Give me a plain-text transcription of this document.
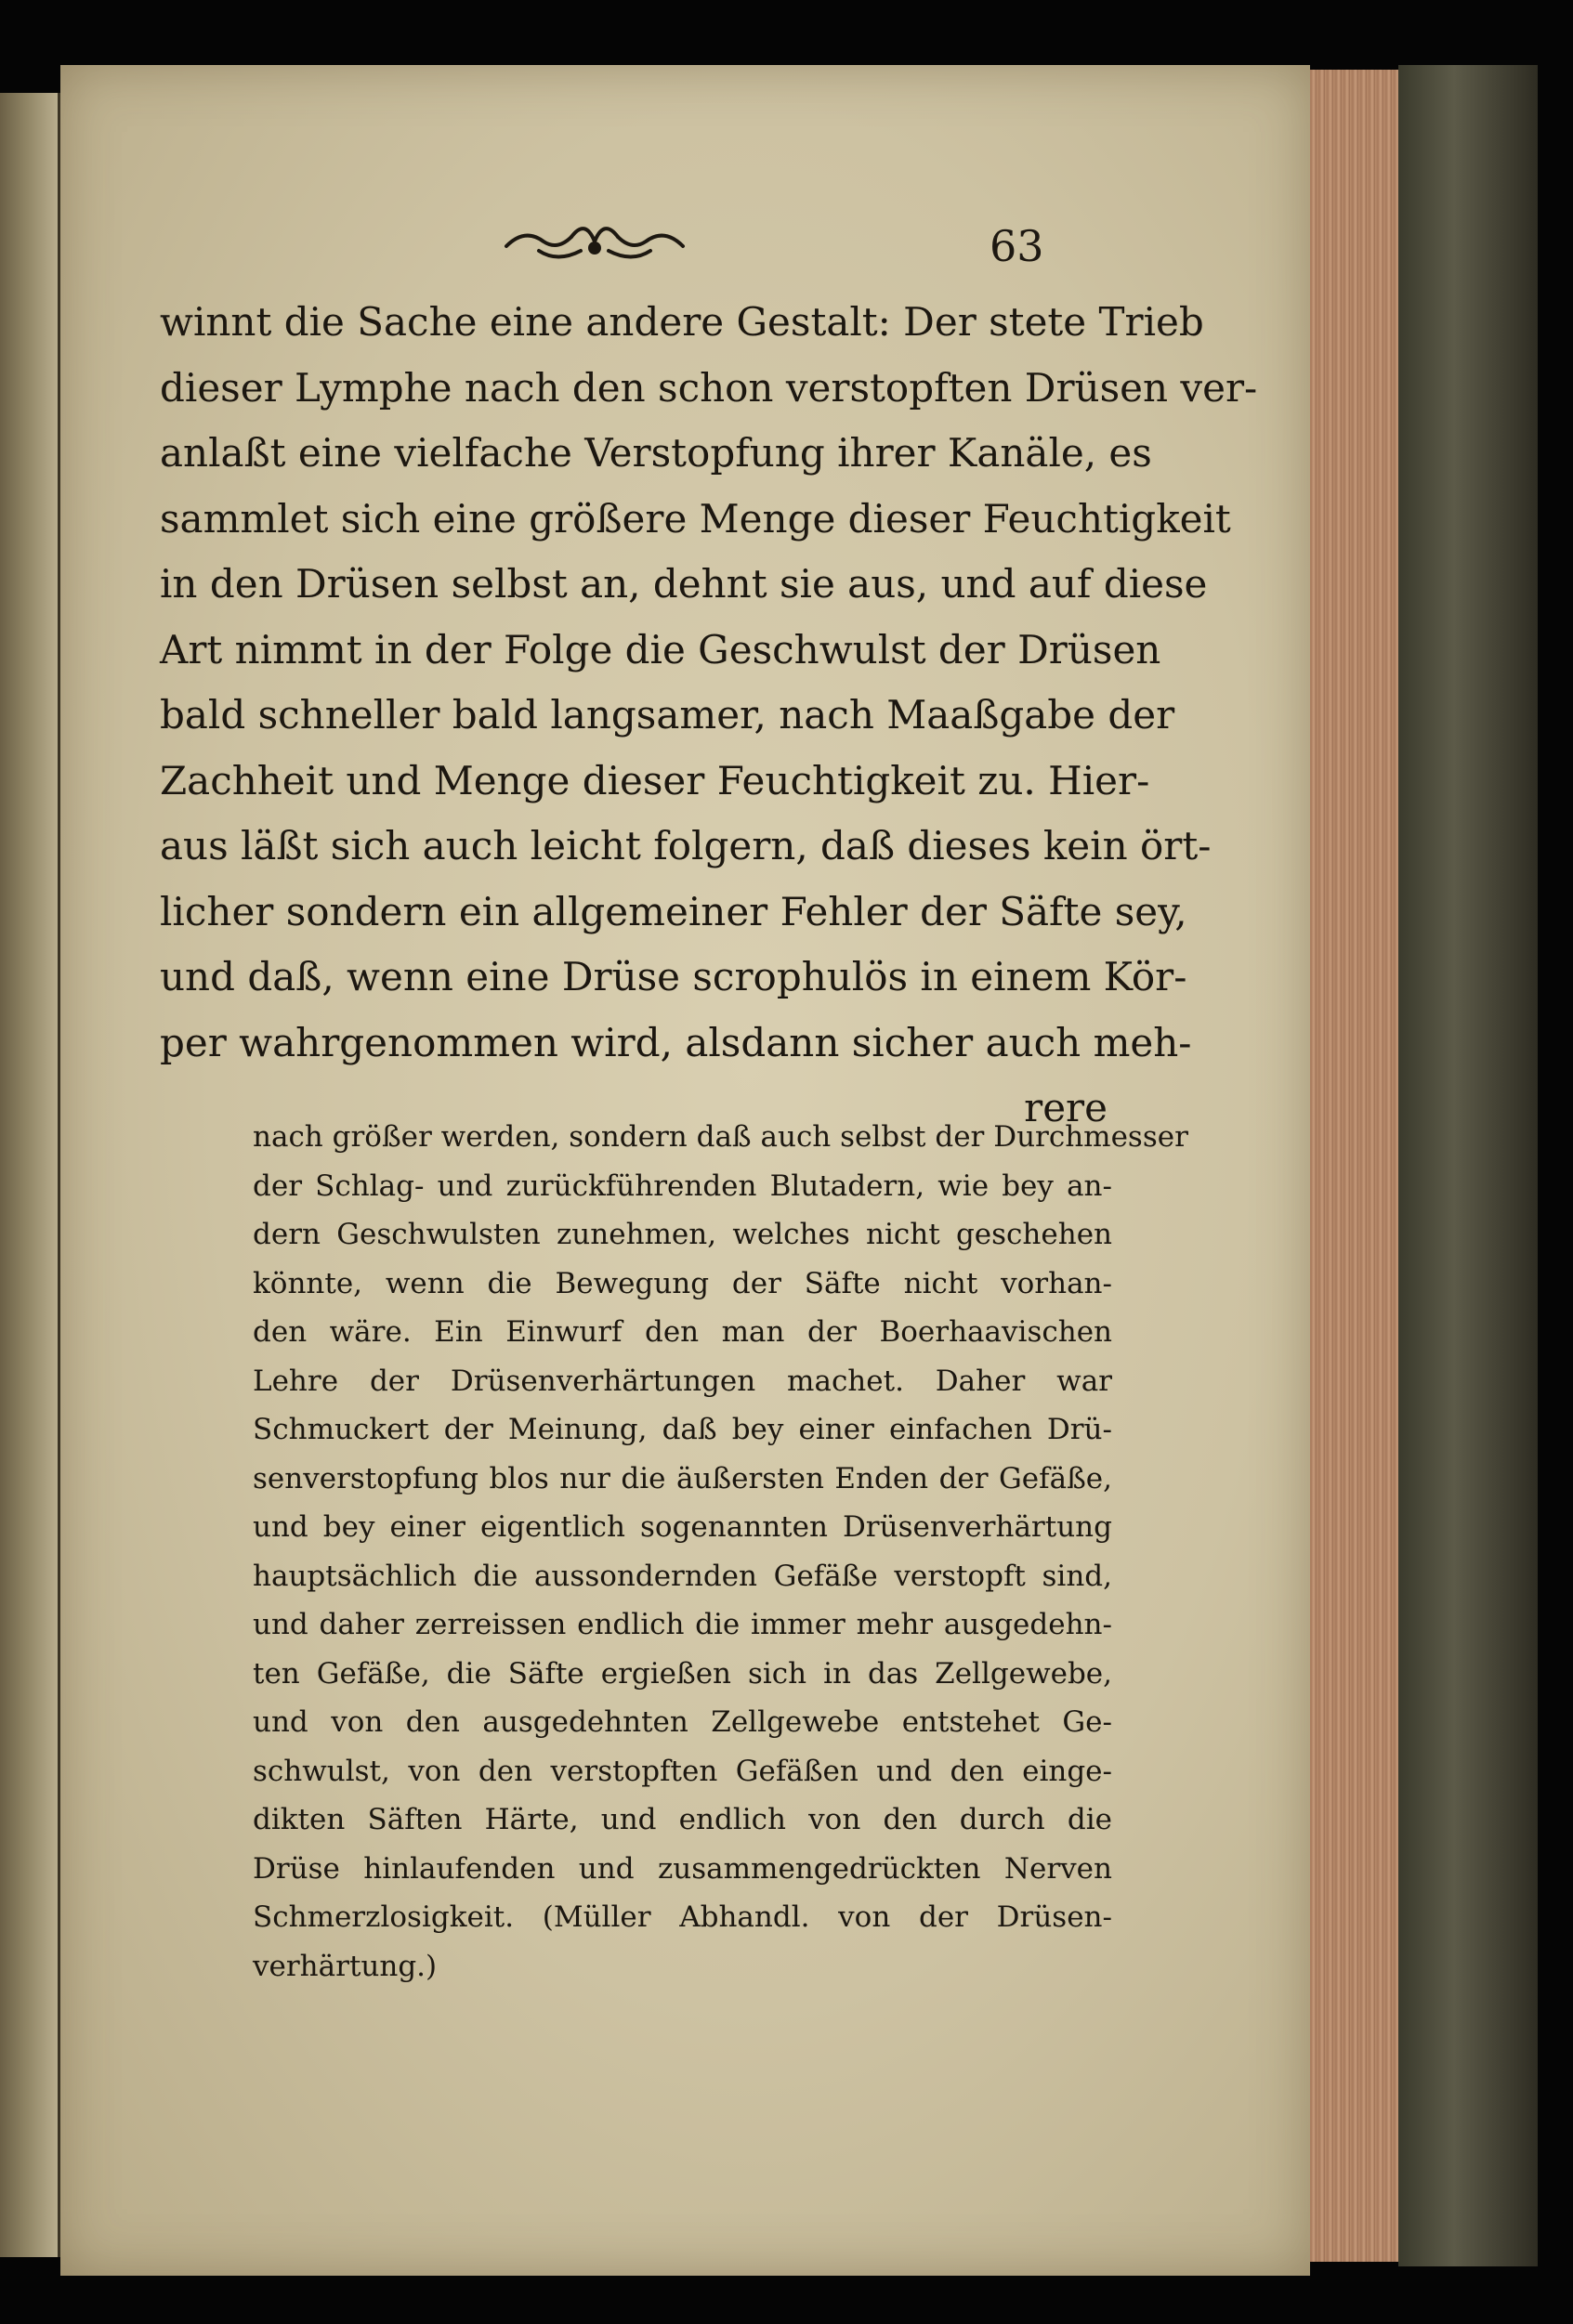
63
winnt die Sache eine andere Gestalt: Der stete Trieb
dieser Lymphe nach den schon verstopften Drüsen ver-
anlaßt eine vielfache Verstopfung ihrer Kanäle, es
sammlet sich eine größere Menge dieser Feuchtigkeit
in den Drüsen selbst an, dehnt sie aus, und auf diese
Art nimmt in der Folge die Geschwulst der Drüsen
bald schneller bald langsamer, nach Maaßgabe der
Zachheit und Menge dieser Feuchtigkeit zu. Hier-
aus läßt sich auch leicht folgern, daß dieses kein ört-
licher sondern ein allgemeiner Fehler der Säfte sey,
und daß, wenn eine Drüse scrophulös in einem Kör-
per wahrgenommen wird, alsdann sicher auch meh-
rere
nach größer werden, sondern daß auch selbst der Durchmesser
der Schlag- und zurückführenden Blutadern, wie bey an-
dern Geschwulsten zunehmen, welches nicht geschehen
könnte, wenn die Bewegung der Säfte nicht vorhan-
den wäre. Ein Einwurf den man der Boerhaavischen
Lehre der Drüsenverhärtungen machet. Daher war
Schmuckert der Meinung, daß bey einer einfachen Drü-
senverstopfung blos nur die äußersten Enden der Gefäße,
und bey einer eigentlich sogenannten Drüsenverhärtung
hauptsächlich die aussondernden Gefäße verstopft sind,
und daher zerreissen endlich die immer mehr ausgedehn-
ten Gefäße, die Säfte ergießen sich in das Zellgewebe,
und von den ausgedehnten Zellgewebe entstehet Ge-
schwulst, von den verstopften Gefäßen und den einge-
dikten Säften Härte, und endlich von den durch die
Drüse hinlaufenden und zusammengedrückten Nerven
Schmerzlosigkeit. (Müller Abhandl. von der Drüsen-
verhärtung.)
